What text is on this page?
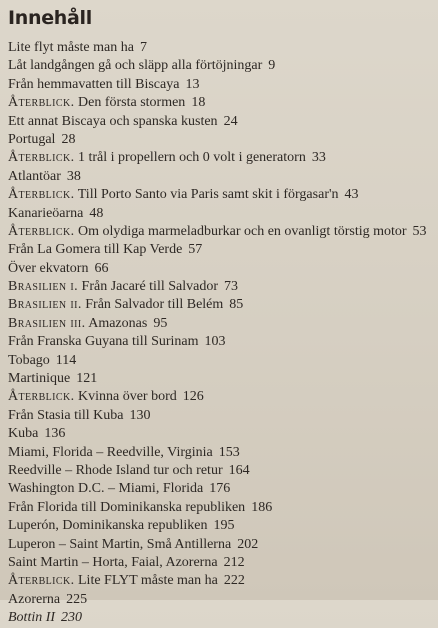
Innehåll
Lite flyt måste man ha 7
Låt landgången gå och släpp alla förtöjningar 9
Från hemmavatten till Biscaya 13
Återblick. Den första stormen 18
Ett annat Biscaya och spanska kusten 24
Portugal 28
Återblick. 1 trål i propellern och 0 volt i generatorn 33
Atlantöar 38
Återblick. Till Porto Santo via Paris samt skit i förgasar'n 43
Kanarieöarna 48
Återblick. Om olydiga marmeladburkar och en ovanligt törstig motor 53
Från La Gomera till Kap Verde 57
Över ekvatorn 66
Brasilien i. Från Jacaré till Salvador 73
Brasilien ii. Från Salvador till Belém 85
Brasilien iii. Amazonas 95
Från Franska Guyana till Surinam 103
Tobago 114
Martinique 121
Återblick. Kvinna över bord 126
Från Stasia till Kuba 130
Kuba 136
Miami, Florida – Reedville, Virginia 153
Reedville – Rhode Island tur och retur 164
Washington D.C. – Miami, Florida 176
Från Florida till Dominikanska republiken 186
Luperón, Dominikanska republiken 195
Luperon – Saint Martin, Små Antillerna 202
Saint Martin – Horta, Faial, Azorerna 212
Återblick. Lite FLYT måste man ha 222
Azorerna 225
Bottin II 230
